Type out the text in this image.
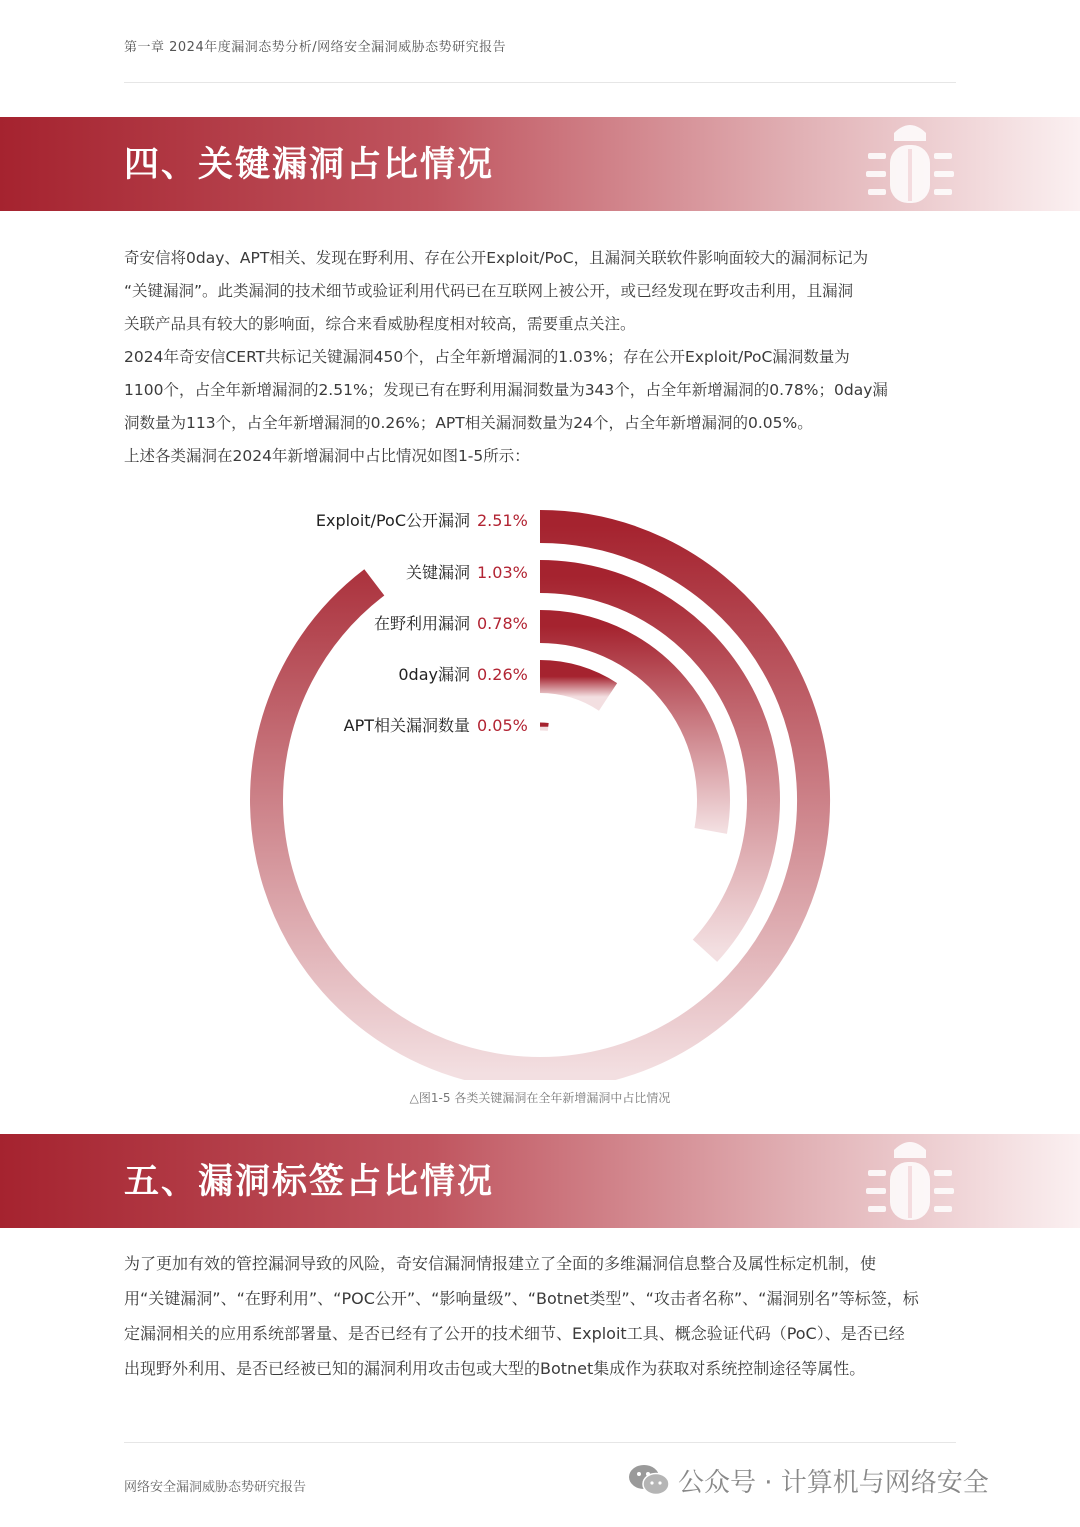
第一章 2024年度漏洞态势分析/网络安全漏洞威胁态势研究报告
四、关键漏洞占比情况
奇安信将0day、APT相关、发现在野利用、存在公开Exploit/PoC，且漏洞关联软件影响面较大的漏洞标记为
“关键漏洞”。此类漏洞的技术细节或验证利用代码已在互联网上被公开，或已经发现在野攻击利用，且漏洞
关联产品具有较大的影响面，综合来看威胁程度相对较高，需要重点关注。
2024年奇安信CERT共标记关键漏洞450个，占全年新增漏洞的1.03%；存在公开Exploit/PoC漏洞数量为
1100个，占全年新增漏洞的2.51%；发现已有在野利用漏洞数量为343个，占全年新增漏洞的0.78%；0day漏
洞数量为113个，占全年新增漏洞的0.26%；APT相关漏洞数量为24个，占全年新增漏洞的0.05%。
上述各类漏洞在2024年新增漏洞中占比情况如图1-5所示：
Exploit/PoC公开漏洞 2.51%
关键漏洞 1.03%
在野利用漏洞 0.78%
0day漏洞 0.26%
APT相关漏洞数量 0.05%
△图1-5 各类关键漏洞在全年新增漏洞中占比情况
五、漏洞标签占比情况
为了更加有效的管控漏洞导致的风险，奇安信漏洞情报建立了全面的多维漏洞信息整合及属性标定机制，使
用“关键漏洞”、“在野利用”、“POC公开”、“影响量级”、“Botnet类型”、“攻击者名称”、“漏洞别名”等标签，标
定漏洞相关的应用系统部署量、是否已经有了公开的技术细节、Exploit工具、概念验证代码（PoC）、是否已经
出现野外利用、是否已经被已知的漏洞利用攻击包或大型的Botnet集成作为获取对系统控制途径等属性。
网络安全漏洞威胁态势研究报告	公众号 · 计算机与网络安全
